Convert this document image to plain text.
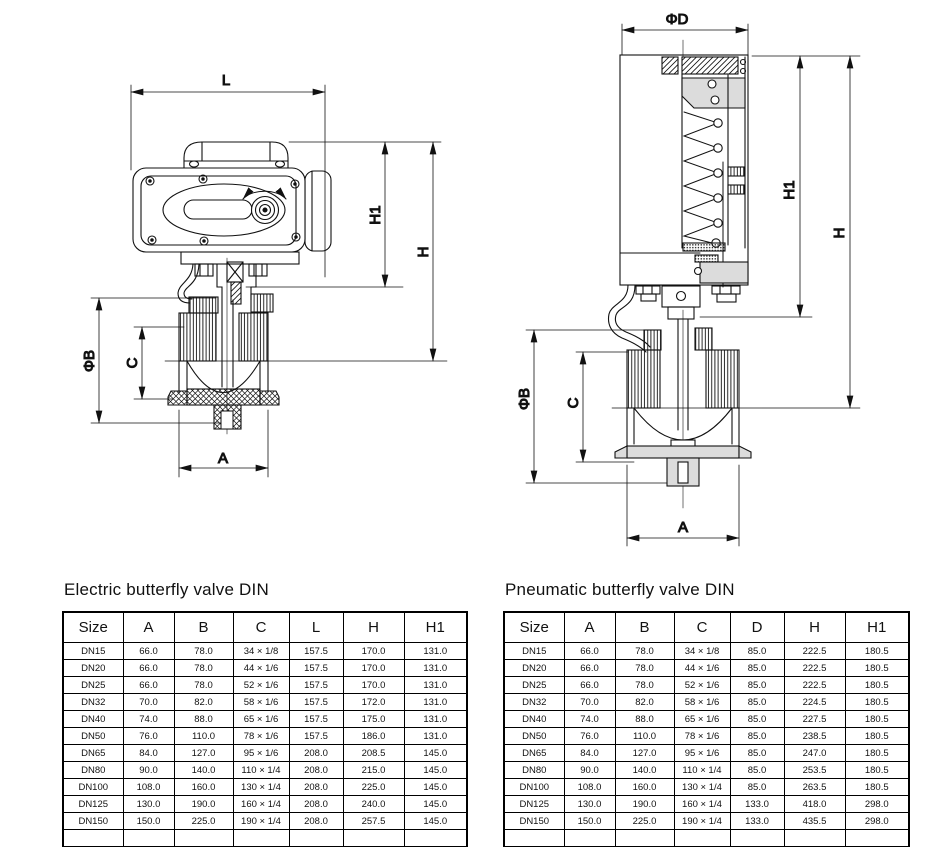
L
H1
H
ΦB C
A
ΦD
H1
H
ΦB C
A
Electric butterfly valve DIN
Size	A	B	C	L	H	H1
DN15	66.0	78.0	34 × 1/8	157.5	170.0	131.0
DN20	66.0	78.0	44 × 1/6	157.5	170.0	131.0
DN25	66.0	78.0	52 × 1/6	157.5	170.0	131.0
DN32	70.0	82.0	58 × 1/6	157.5	172.0	131.0
DN40	74.0	88.0	65 × 1/6	157.5	175.0	131.0
DN50	76.0	110.0	78 × 1/6	157.5	186.0	131.0
DN65	84.0	127.0	95 × 1/6	208.0	208.5	145.0
DN80	90.0	140.0	110 × 1/4	208.0	215.0	145.0
DN100	108.0	160.0	130 × 1/4	208.0	225.0	145.0
DN125	130.0	190.0	160 × 1/4	208.0	240.0	145.0
DN150	150.0	225.0	190 × 1/4	208.0	257.5	145.0

Pneumatic butterfly valve DIN
Size	A	B	C	D	H	H1
DN15	66.0	78.0	34 × 1/8	85.0	222.5	180.5
DN20	66.0	78.0	44 × 1/6	85.0	222.5	180.5
DN25	66.0	78.0	52 × 1/6	85.0	222.5	180.5
DN32	70.0	82.0	58 × 1/6	85.0	224.5	180.5
DN40	74.0	88.0	65 × 1/6	85.0	227.5	180.5
DN50	76.0	110.0	78 × 1/6	85.0	238.5	180.5
DN65	84.0	127.0	95 × 1/6	85.0	247.0	180.5
DN80	90.0	140.0	110 × 1/4	85.0	253.5	180.5
DN100	108.0	160.0	130 × 1/4	85.0	263.5	180.5
DN125	130.0	190.0	160 × 1/4	133.0	418.0	298.0
DN150	150.0	225.0	190 × 1/4	133.0	435.5	298.0
